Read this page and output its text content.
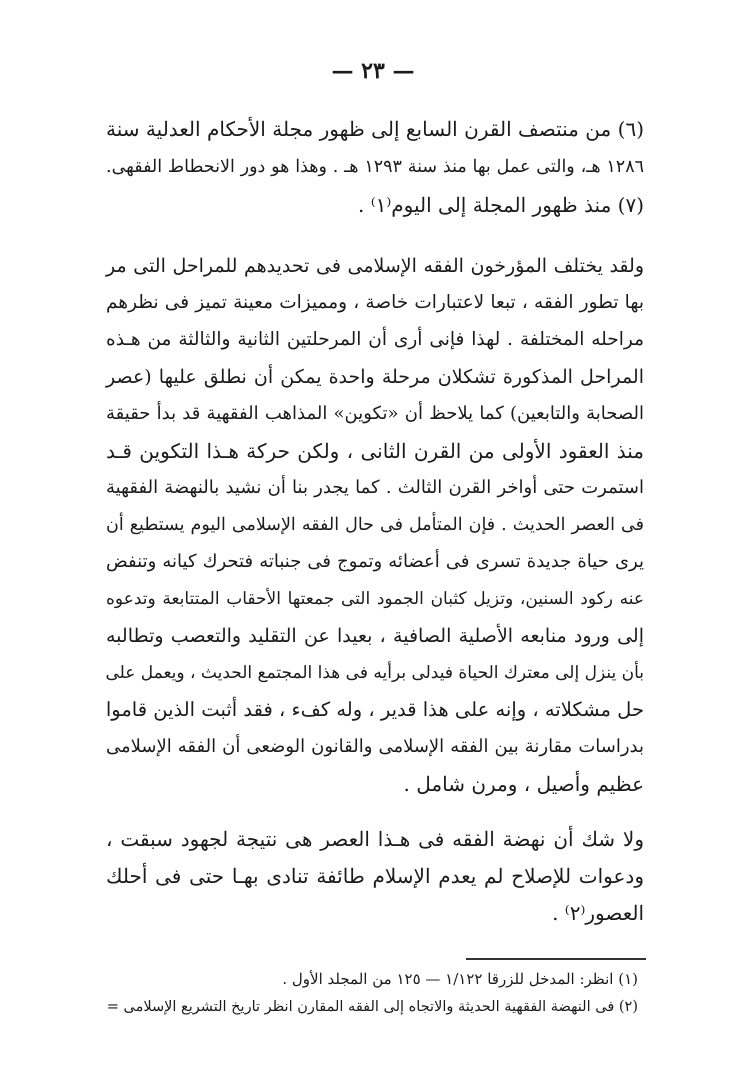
— ٢٣ —
(٦) من منتصف القرن السابع إلى ظهور مجلة الأحكام العدلية سنة
١٢٨٦ هـ، والتى عمل بها منذ سنة ١٢٩٣ هـ . وهذا هو دور الانحطاط الفقهى.
(٧) منذ ظهور المجلة إلى اليوم⁽١⁾ .
ولقد يختلف المؤرخون الفقه الإسلامى فى تحديدهم للمراحل التى مر
بها تطور الفقه ، تبعا لاعتبارات خاصة ، ومميزات معينة تميز فى نظرهم
مراحله المختلفة . لهذا فإنى أرى أن المرحلتين الثانية والثالثة من هـذه
المراحل المذكورة تشكلان مرحلة واحدة يمكن أن نطلق عليها (عصر
الصحابة والتابعين) كما يلاحظ أن «تكوين» المذاهب الفقهية قد بدأ حقيقة
منذ العقود الأولى من القرن الثانى ، ولكن حركة هـذا التكوين قـد
استمرت حتى أواخر القرن الثالث . كما يجدر بنا أن نشيد بالنهضة الفقهية
فى العصر الحديث . فإن المتأمل فى حال الفقه الإسلامى اليوم يستطيع أن
يرى حياة جديدة تسرى فى أعضائه وتموج فى جنباته فتحرك كيانه وتنفض
عنه ركود السنين، وتزيل كثبان الجمود التى جمعتها الأحقاب المتتابعة وتدعوه
إلى ورود منابعه الأصلية الصافية ، بعيدا عن التقليد والتعصب وتطالبه
بأن ينزل إلى معترك الحياة فيدلى برأيه فى هذا المجتمع الحديث ، ويعمل على
حل مشكلاته ، وإنه على هذا قدير ، وله كفء ، فقد أثبت الذين قاموا
بدراسات مقارنة بين الفقه الإسلامى والقانون الوضعى أن الفقه الإسلامى
عظيم وأصيل ، ومرن شامل .
ولا شك أن نهضة الفقه فى هـذا العصر هى نتيجة لجهود سبقت ،
ودعوات للإصلاح لم يعدم الإسلام طائفة تنادى بهـا حتى فى أحلك
العصور⁽٢⁾ .
(١) انظر: المدخل للزرقا ١/١٢٢ — ١٢٥ من المجلد الأول .
(٢) فى النهضة الفقهية الحديثة والاتجاه إلى الفقه المقارن انظر تاريخ التشريع الإسلامى =
